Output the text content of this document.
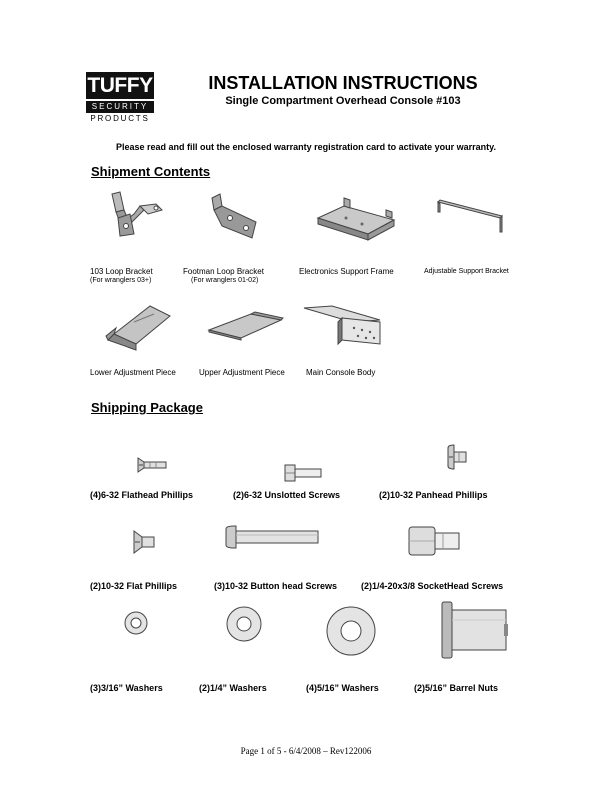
TUFFY
SECURITY
PRODUCTS
INSTALLATION INSTRUCTIONS
Single Compartment Overhead Console #103
Please read and fill out the enclosed warranty registration card to activate your warranty.
Shipment Contents
103 Loop Bracket
(For wranglers 03+)
Footman Loop Bracket
(For wranglers 01-02)
Electronics Support Frame	Adjustable Support Bracket
Lower Adjustment Piece	Upper Adjustment Piece	Main Console Body
Shipping Package
(4)6-32 Flathead Phillips	(2)6-32 Unslotted Screws	(2)10-32 Panhead Phillips
(2)10-32 Flat Phillips	(3)10-32 Button head Screws	(2)1/4-20x3/8 SocketHead Screws
(3)3/16” Washers	(2)1/4” Washers	(4)5/16” Washers	(2)5/16” Barrel Nuts
Page 1 of 5 - 6/4/2008 – Rev122006
